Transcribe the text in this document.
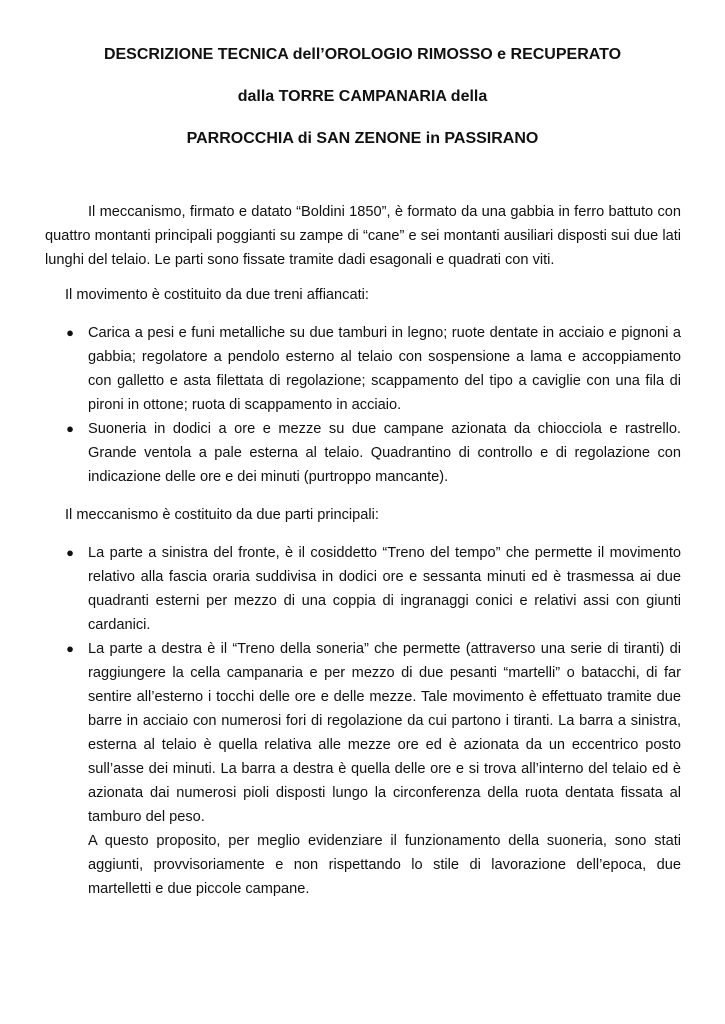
DESCRIZIONE TECNICA dell’OROLOGIO RIMOSSO e RECUPERATO
dalla TORRE CAMPANARIA della
PARROCCHIA di SAN ZENONE in PASSIRANO

Il meccanismo, firmato e datato “Boldini 1850”, è formato da una gabbia in ferro battuto con quattro montanti principali poggianti su zampe di “cane” e sei montanti ausiliari disposti sui due lati lunghi del telaio. Le parti sono fissate tramite dadi esagonali e quadrati con viti.

Il movimento è costituito da due treni affiancati:
● Carica a pesi e funi metalliche su due tamburi in legno; ruote dentate in acciaio e pignoni a gabbia; regolatore a pendolo esterno al telaio con sospensione a lama e accoppiamento con galletto e asta filettata di regolazione; scappamento del tipo a caviglie con una fila di pironi in ottone; ruota di scappamento in acciaio.
● Suoneria in dodici a ore e mezze su due campane azionata da chiocciola e rastrello. Grande ventola a pale esterna al telaio. Quadrantino di controllo e di regolazione con indicazione delle ore e dei minuti (purtroppo mancante).
Il meccanismo è costituito da due parti principali:
● La parte a sinistra del fronte, è il cosiddetto “Treno del tempo” che permette il movimento relativo alla fascia oraria suddivisa in dodici ore e sessanta minuti ed è trasmessa ai due quadranti esterni per mezzo di una coppia di ingranaggi conici e relativi assi con giunti cardanici.
● La parte a destra è il “Treno della soneria” che permette (attraverso una serie di tiranti) di raggiungere la cella campanaria e per mezzo di due pesanti “martelli” o batacchi, di far sentire all’esterno i tocchi delle ore e delle mezze. Tale movimento è effettuato tramite due barre in acciaio con numerosi fori di regolazione da cui partono i tiranti. La barra a sinistra, esterna al telaio è quella relativa alle mezze ore ed è azionata da un eccentrico posto sull’asse dei minuti. La barra a destra è quella delle ore e si trova all’interno del telaio ed è azionata dai numerosi pioli disposti lungo la circonferenza della ruota dentata fissata al tamburo del peso.
A questo proposito, per meglio evidenziare il funzionamento della suoneria, sono stati aggiunti, provvisoriamente e non rispettando lo stile di lavorazione dell’epoca, due martelletti e due piccole campane.
